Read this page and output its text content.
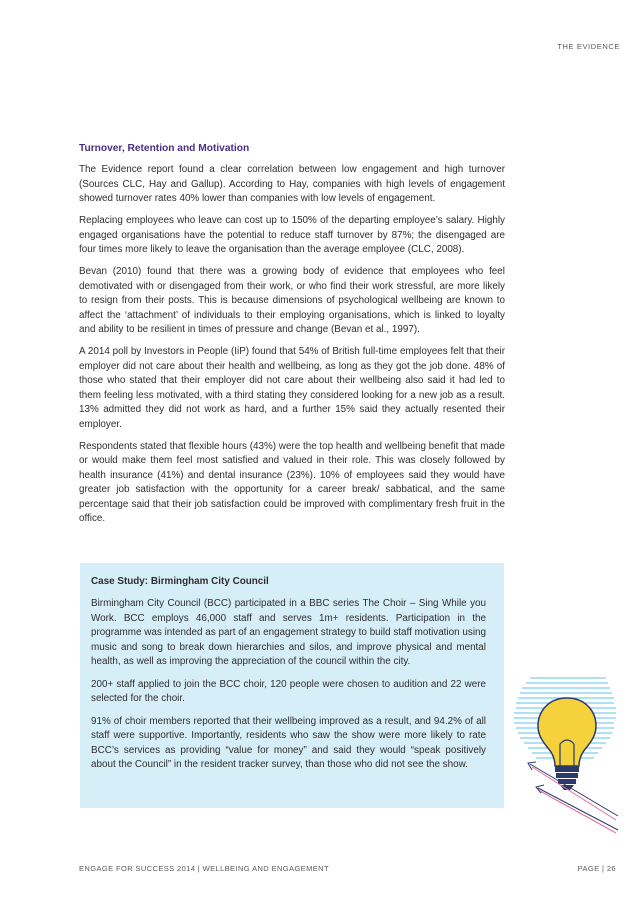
THE EVIDENCE
Turnover, Retention and Motivation

The Evidence report found a clear correlation between low engagement and high turnover (Sources CLC, Hay and Gallup). According to Hay, companies with high levels of engagement showed turnover rates 40% lower than companies with low levels of engagement.

Replacing employees who leave can cost up to 150% of the departing employee’s salary. Highly engaged organisations have the potential to reduce staff turnover by 87%; the disengaged are four times more likely to leave the organisation than the average employee (CLC, 2008).

Bevan (2010) found that there was a growing body of evidence that employees who feel demotivated with or disengaged from their work, or who find their work stressful, are more likely to resign from their posts. This is because dimensions of psychological wellbeing are known to affect the ‘attachment’ of individuals to their employing organisations, which is linked to loyalty and ability to be resilient in times of pressure and change (Bevan et al., 1997).

A 2014 poll by Investors in People (IiP) found that 54% of British full-time employees felt that their employer did not care about their health and wellbeing, as long as they got the job done. 48% of those who stated that their employer did not care about their wellbeing also said it had led to them feeling less motivated, with a third stating they considered looking for a new job as a result. 13% admitted they did not work as hard, and a further 15% said they actually resented their employer.

Respondents stated that flexible hours (43%) were the top health and wellbeing benefit that made or would make them feel most satisfied and valued in their role. This was closely followed by health insurance (41%) and dental insurance (23%). 10% of employees said they would have greater job satisfaction with the opportunity for a career break/ sabbatical, and the same percentage said that their job satisfaction could be improved with complimentary fresh fruit in the office.

Case Study: Birmingham City Council

Birmingham City Council (BCC) participated in a BBC series The Choir – Sing While you Work. BCC employs 46,000 staff and serves 1m+ residents. Participation in the programme was intended as part of an engagement strategy to build staff motivation using music and song to break down hierarchies and silos, and improve physical and mental health, as well as improving the appreciation of the council within the city.

200+ staff applied to join the BCC choir, 120 people were chosen to audition and 22 were selected for the choir.

91% of choir members reported that their wellbeing improved as a result, and 94.2% of all staff were supportive. Importantly, residents who saw the show were more likely to rate BCC’s services as providing “value for money” and said they would “speak positively about the Council” in the resident tracker survey, than those who did not see the show.

ENGAGE FOR SUCCESS 2014 | WELLBEING AND ENGAGEMENT	PAGE | 26
